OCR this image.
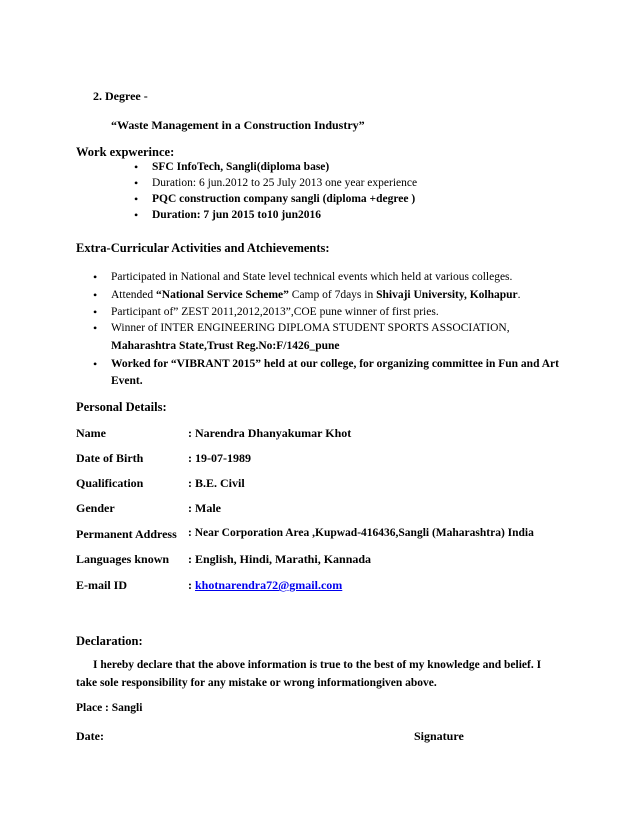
2. Degree -
“Waste Management in a Construction Industry”
Work expwerince:
• SFC InfoTech, Sangli(diploma base)
• Duration: 6 jun.2012 to 25 July 2013 one year experience
• PQC construction company sangli (diploma +degree )
• Duration: 7 jun 2015 to10 jun2016
Extra-Curricular Activities and Atchievements:
• Participated in National and State level technical events which held at various colleges.
• Attended “National Service Scheme” Camp of 7days in Shivaji University, Kolhapur.
• Participant of” ZEST 2011,2012,2013”,COE pune winner of first pries.
• Winner of INTER ENGINEERING DIPLOMA STUDENT SPORTS ASSOCIATION,
Maharashtra State,Trust Reg.No:F/1426_pune
• Worked for “VIBRANT 2015” held at our college, for organizing committee in Fun and Art
Event.
Personal Details:
Name	: Narendra Dhanyakumar Khot
Date of Birth	: 19-07-1989
Qualification	: B.E. Civil
Gender	: Male
Permanent Address : Near Corporation Area ,Kupwad-416436,Sangli (Maharashtra) India
Languages known : English, Hindi, Marathi, Kannada
E-mail ID	: khotnarendra72@gmail.com
Declaration:
I hereby declare that the above information is true to the best of my knowledge and belief. I
take sole responsibility for any mistake or wrong informationgiven above.
Place : Sangli
Date:	Signature
